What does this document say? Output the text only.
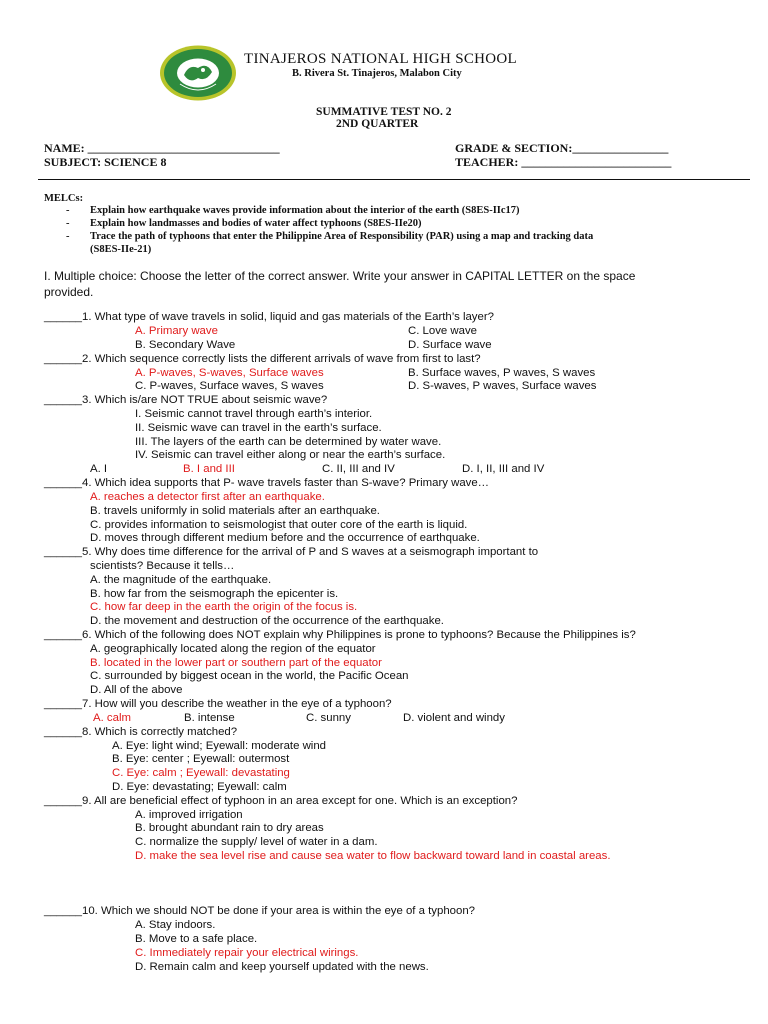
TINAJEROS NATIONAL HIGH SCHOOL
B. Rivera St. Tinajeros, Malabon City
SUMMATIVE TEST NO. 2
2ND QUARTER
NAME: ________________________________
SUBJECT: SCIENCE 8
GRADE & SECTION:________________
TEACHER: _________________________
MELCs:
- Explain how earthquake waves provide information about the interior of the earth (S8ES-IIc17)
- Explain how landmasses and bodies of water affect typhoons (S8ES-IIe20)
- Trace the path of typhoons that enter the Philippine Area of Responsibility (PAR) using a map and tracking data
(S8ES-IIe-21)
I. Multiple choice: Choose the letter of the correct answer. Write your answer in CAPITAL LETTER on the space
provided.
______1. What type of wave travels in solid, liquid and gas materials of the Earth’s layer?
A. Primary wave	C. Love wave
B. Secondary Wave	D. Surface wave
______2. Which sequence correctly lists the different arrivals of wave from first to last?
A. P-waves, S-waves, Surface waves	B. Surface waves, P waves, S waves
C. P-waves, Surface waves, S waves	D. S-waves, P waves, Surface waves
______3. Which is/are NOT TRUE about seismic wave?
I. Seismic cannot travel through earth’s interior.
II. Seismic wave can travel in the earth’s surface.
III. The layers of the earth can be determined by water wave.
IV. Seismic can travel either along or near the earth’s surface.
A. I	B. I and III	C. II, III and IV	D. I, II, III and IV
______4. Which idea supports that P- wave travels faster than S-wave? Primary wave…
A. reaches a detector first after an earthquake.
B. travels uniformly in solid materials after an earthquake.
C. provides information to seismologist that outer core of the earth is liquid.
D. moves through different medium before and the occurrence of earthquake.
______5. Why does time difference for the arrival of P and S waves at a seismograph important to
scientists? Because it tells…
A. the magnitude of the earthquake.
B. how far from the seismograph the epicenter is.
C. how far deep in the earth the origin of the focus is.
D. the movement and destruction of the occurrence of the earthquake.
______6. Which of the following does NOT explain why Philippines is prone to typhoons? Because the Philippines is?
A. geographically located along the region of the equator
B. located in the lower part or southern part of the equator
C. surrounded by biggest ocean in the world, the Pacific Ocean
D. All of the above
______7. How will you describe the weather in the eye of a typhoon?
A. calm	B. intense	C. sunny	D. violent and windy
______8. Which is correctly matched?
A. Eye: light wind; Eyewall: moderate wind
B. Eye: center ; Eyewall: outermost
C. Eye: calm ; Eyewall: devastating
D. Eye: devastating; Eyewall: calm
______9. All are beneficial effect of typhoon in an area except for one. Which is an exception?
A. improved irrigation
B. brought abundant rain to dry areas
C. normalize the supply/ level of water in a dam.
D. make the sea level rise and cause sea water to flow backward toward land in coastal areas.
______10. Which we should NOT be done if your area is within the eye of a typhoon?
A. Stay indoors.
B. Move to a safe place.
C. Immediately repair your electrical wirings.
D. Remain calm and keep yourself updated with the news.
